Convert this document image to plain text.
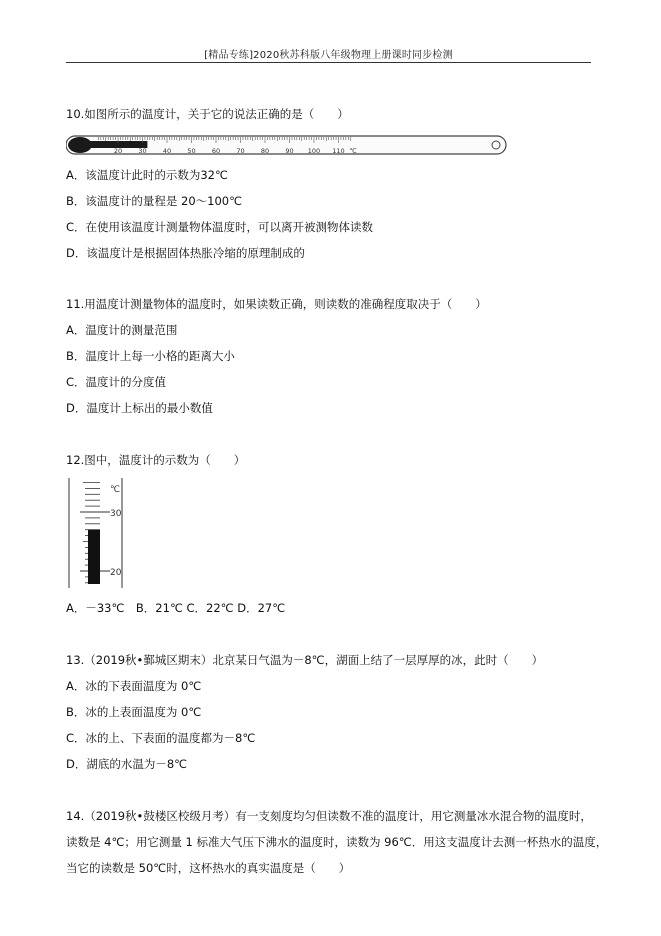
[精品专练]2020秋苏科版八年级物理上册课时同步检测
10.如图所示的温度计，关于它的说法正确的是（　　）
20 30 40 50 60 70 80 90 100 110 ℃
A．该温度计此时的示数为32℃
B．该温度计的量程是 20～100℃
C．在使用该温度计测量物体温度时，可以离开被测物体读数
D．该温度计是根据固体热胀冷缩的原理制成的
11.用温度计测量物体的温度时，如果读数正确，则读数的准确程度取决于（　　）
A．温度计的测量范围
B．温度计上每一小格的距离大小
C．温度计的分度值
D．温度计上标出的最小数值
12.图中，温度计的示数为（　　）
℃
30
20
A．－33℃　B．21℃ C．22℃ D．27℃
13.（2019秋•鄞城区期末）北京某日气温为－8℃，湖面上结了一层厚厚的冰，此时（　　）
A．冰的下表面温度为 0℃
B．冰的上表面温度为 0℃
C．冰的上、下表面的温度都为－8℃
D．湖底的水温为－8℃
14.（2019秋•鼓楼区校级月考）有一支刻度均匀但读数不准的温度计，用它测量冰水混合物的温度时，
读数是 4℃；用它测量 1 标准大气压下沸水的温度时，读数为 96℃．用这支温度计去测一杯热水的温度，
当它的读数是 50℃时，这杯热水的真实温度是（　　）
